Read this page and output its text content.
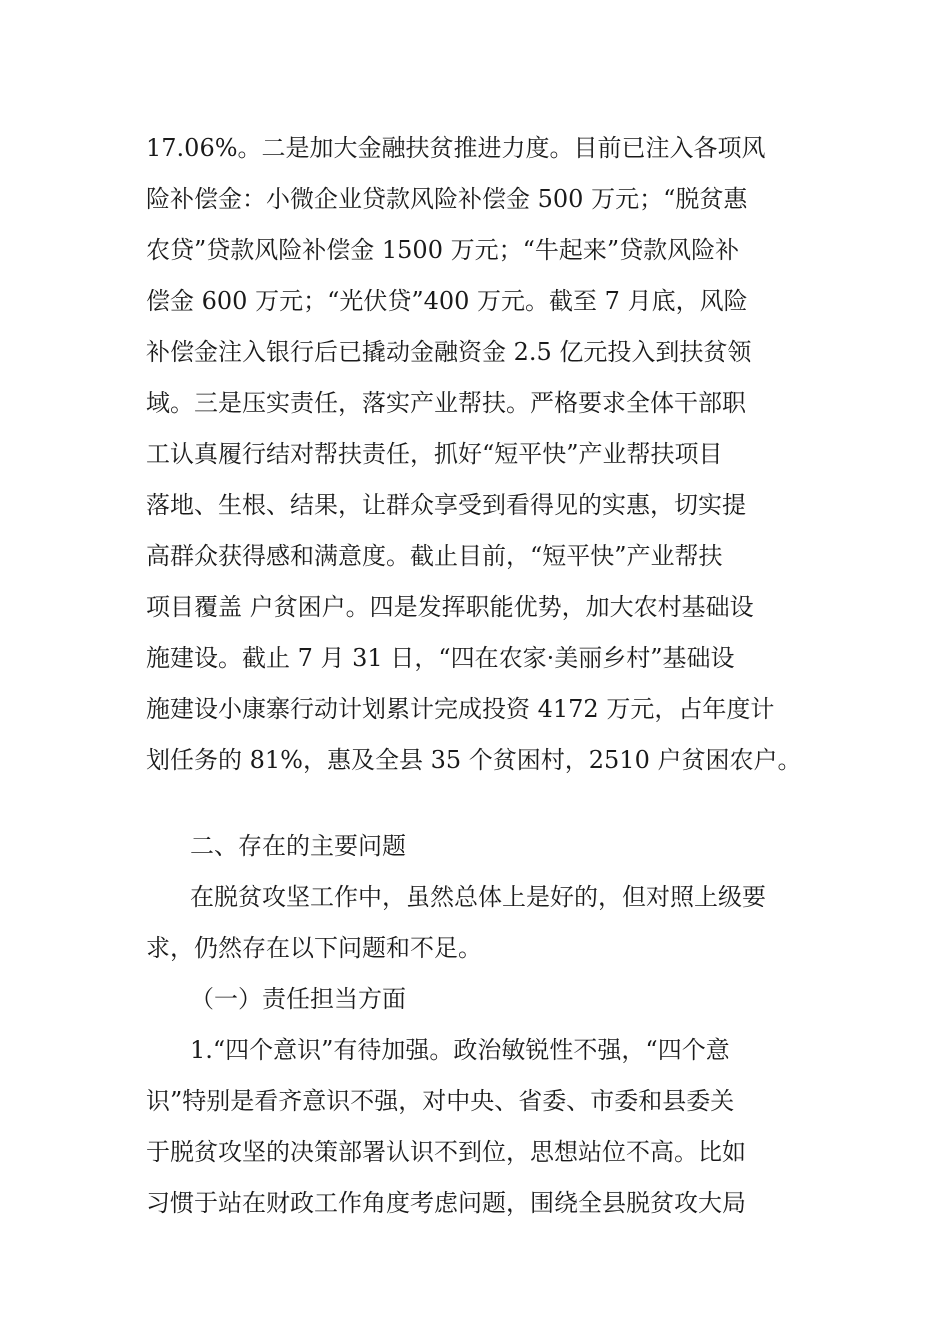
17.06%。二是加大金融扶贫推进力度。目前已注入各项风

险补偿金：小微企业贷款风险补偿金 500 万元；“脱贫惠

农贷”贷款风险补偿金 1500 万元；“牛起来”贷款风险补

偿金 600 万元；“光伏贷”400 万元。截至 7 月底，风险

补偿金注入银行后已撬动金融资金 2.5 亿元投入到扶贫领

域。三是压实责任，落实产业帮扶。严格要求全体干部职

工认真履行结对帮扶责任，抓好“短平快”产业帮扶项目

落地、生根、结果，让群众享受到看得见的实惠，切实提

高群众获得感和满意度。截止目前，“短平快”产业帮扶

项目覆盖 户贫困户。四是发挥职能优势，加大农村基础设

施建设。截止 7 月 31 日，“四在农家·美丽乡村”基础设

施建设小康寨行动计划累计完成投资 4172 万元，占年度计

划任务的 81%，惠及全县 35 个贫困村，2510 户贫困农户。

二、存在的主要问题

在脱贫攻坚工作中，虽然总体上是好的，但对照上级要

求，仍然存在以下问题和不足。

（一）责任担当方面

1.“四个意识”有待加强。政治敏锐性不强，“四个意

识”特别是看齐意识不强，对中央、省委、市委和县委关

于脱贫攻坚的决策部署认识不到位，思想站位不高。比如

习惯于站在财政工作角度考虑问题，围绕全县脱贫攻大局
